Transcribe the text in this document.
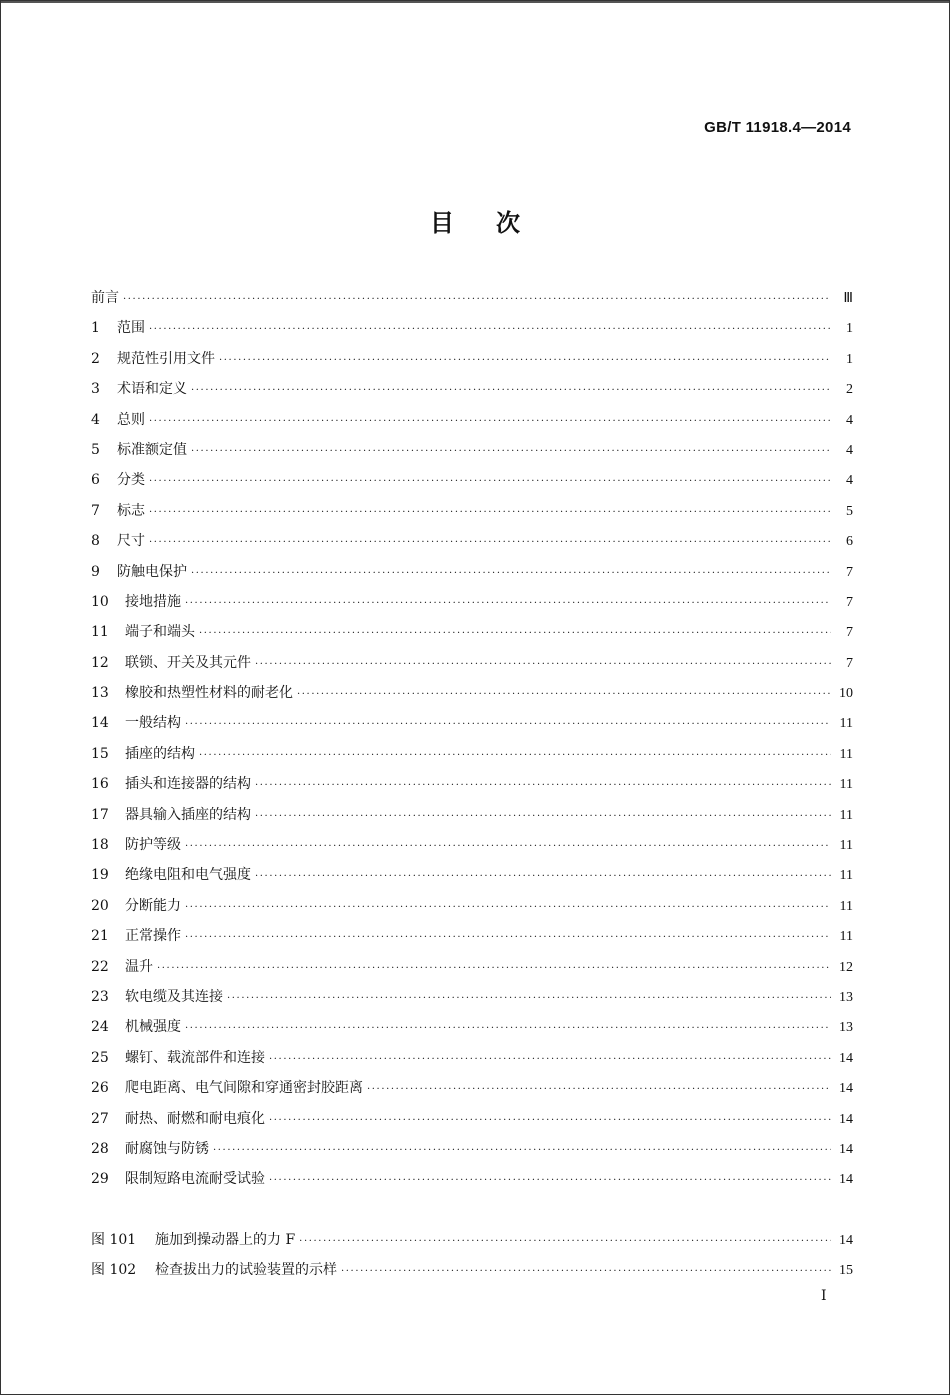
GB/T 11918.4—2014
目次
前言 ·····	Ⅲ
1	范围 ·····	1
2	规范性引用文件 ·····	1
3	术语和定义 ·····	2
4	总则 ·····	4
5	标准额定值 ·····	4
6	分类 ·····	4
7	标志 ·····	5
8	尺寸 ·····	6
9	防触电保护 ·····	7
10	接地措施 ·····	7
11	端子和端头 ·····	7
12	联锁、开关及其元件 ·····	7
13	橡胶和热塑性材料的耐老化 ·····	10
14	一般结构 ·····	11
15	插座的结构 ·····	11
16	插头和连接器的结构 ·····	11
17	器具输入插座的结构 ·····	11
18	防护等级 ·····	11
19	绝缘电阻和电气强度 ·····	11
20	分断能力 ·····	11
21	正常操作 ·····	11
22	温升 ·····	12
23	软电缆及其连接 ·····	13
24	机械强度 ·····	13
25	螺钉、载流部件和连接 ·····	14
26	爬电距离、电气间隙和穿通密封胶距离 ·····	14
27	耐热、耐燃和耐电痕化 ·····	14
28	耐腐蚀与防锈 ·····	14
29	限制短路电流耐受试验 ·····	14
图 101	施加到操动器上的力 F ·····	14
图 102	检查拔出力的试验装置的示样 ·····	15
I
